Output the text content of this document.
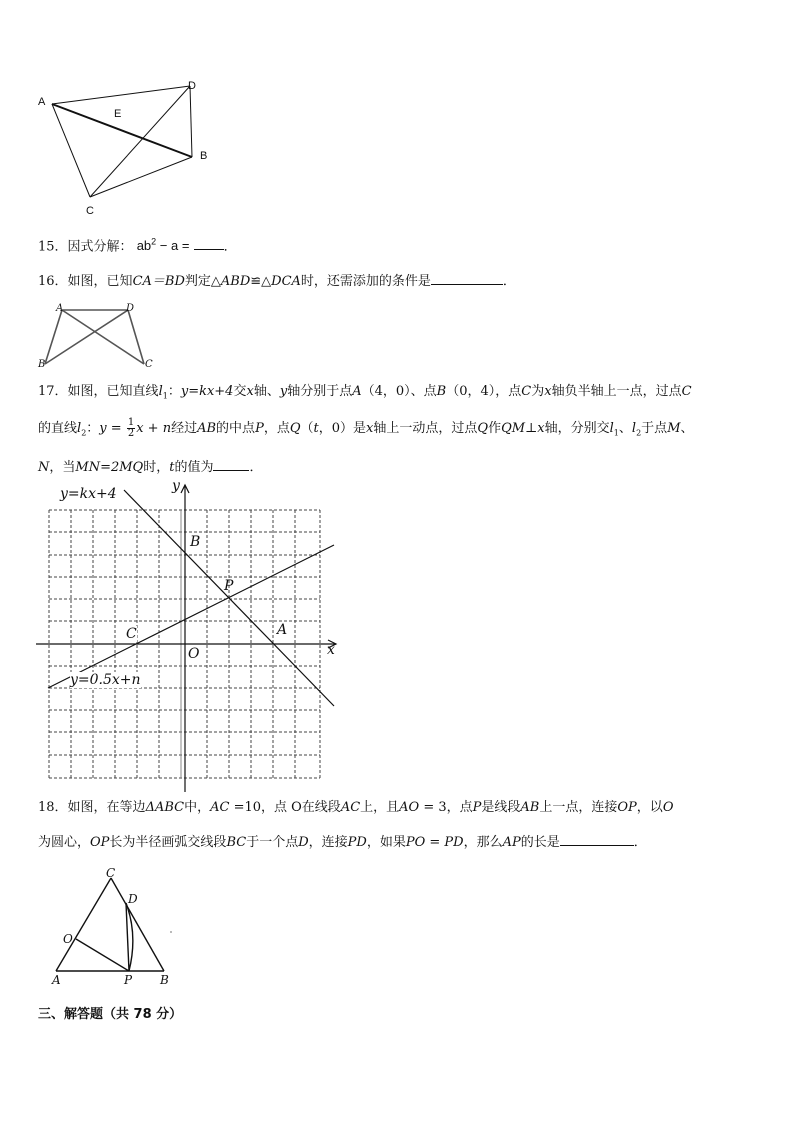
A
D
E
B
C
15．因式分解： $ab^2 - a$ =	．
16．如图，已知CA＝BD判定△ABD≌△DCA时，还需添加的条件是	．
A	D
B	C
17．如图，已知直线$l_1$：y=kx+4交x轴、y轴分别于点A（4，0）、点B（0，4），点C为x轴负半轴上一点，过点C
的直线$l_2$：$y = \frac{1}{2}$ x + n经过AB的中点P，点Q（t，0）是x轴上一动点，过点Q作QM⊥x轴，分别交$l_1$、$l_2$于点M、
N，当MN=2MQ时，t的值为	．
y=kx+4
y=0.5x+n
y
x
B
P
A
C
O
18．如图，在等边ΔABC中，AC =10，点 O在线段AC上，且AO = 3，点P是线段AB上一点，连接OP，以O
为圆心，OP长为半径画弧交线段BC于一个点D，连接PD，如果PO = PD，那么AP的长是	．
C
D
O
A	P B
三、解答题（共 78 分）
